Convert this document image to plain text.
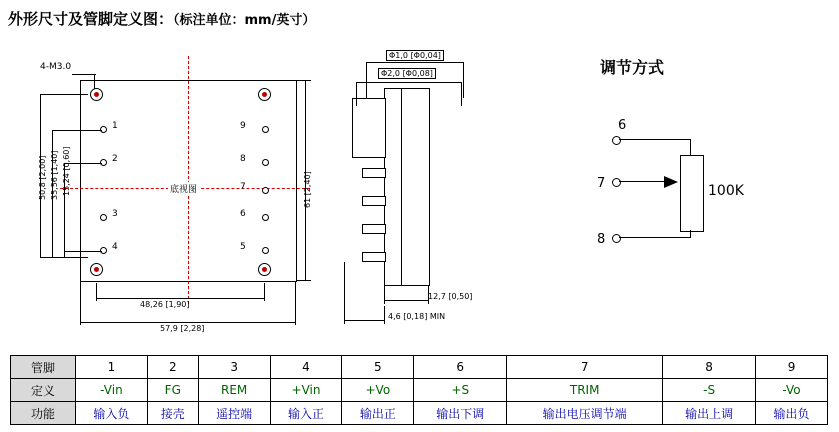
外形尺寸及管脚定义图：（标注单位：mm/英寸）
4-M3.0
1
2
3
4
9
8
7
6
5
底视图
50,8 [2,00] 35,56 [1,40] 15,24 [0,60]	61 [2,40]
48,26 [1,90]
57,9 [2,28]
Φ1,0 [Φ0,04]
Φ2,0 [Φ0,08]
12,7 [0,50]
4,6 [0,18] MIN
调节方式
6
7
8
100K
管脚	1	2	3	4	5	6	7	8	9
定义	-Vin	FG	REM	+Vin	+Vo	+S	TRIM	-S	-Vo
功能	输入负	接壳	遥控端	输入正	输出正	输出下调	输出电压调节端	输出上调	输出负
